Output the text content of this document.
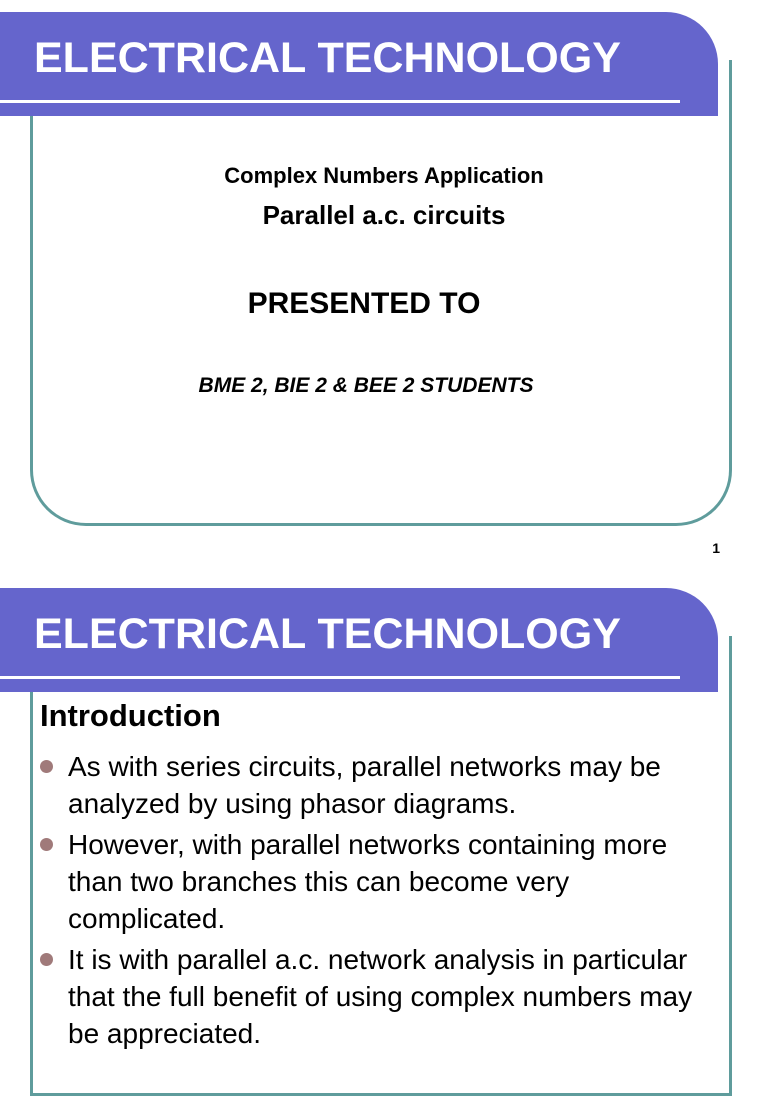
ELECTRICAL TECHNOLOGY
Complex Numbers Application
Parallel a.c. circuits
PRESENTED TO
BME 2, BIE 2 & BEE 2 STUDENTS
1
ELECTRICAL TECHNOLOGY
Introduction
As with series circuits, parallel networks may be analyzed by using phasor diagrams.
However, with parallel networks containing more than two branches this can become very complicated.
It is with parallel a.c. network analysis in particular that the full benefit of using complex numbers may be appreciated.
